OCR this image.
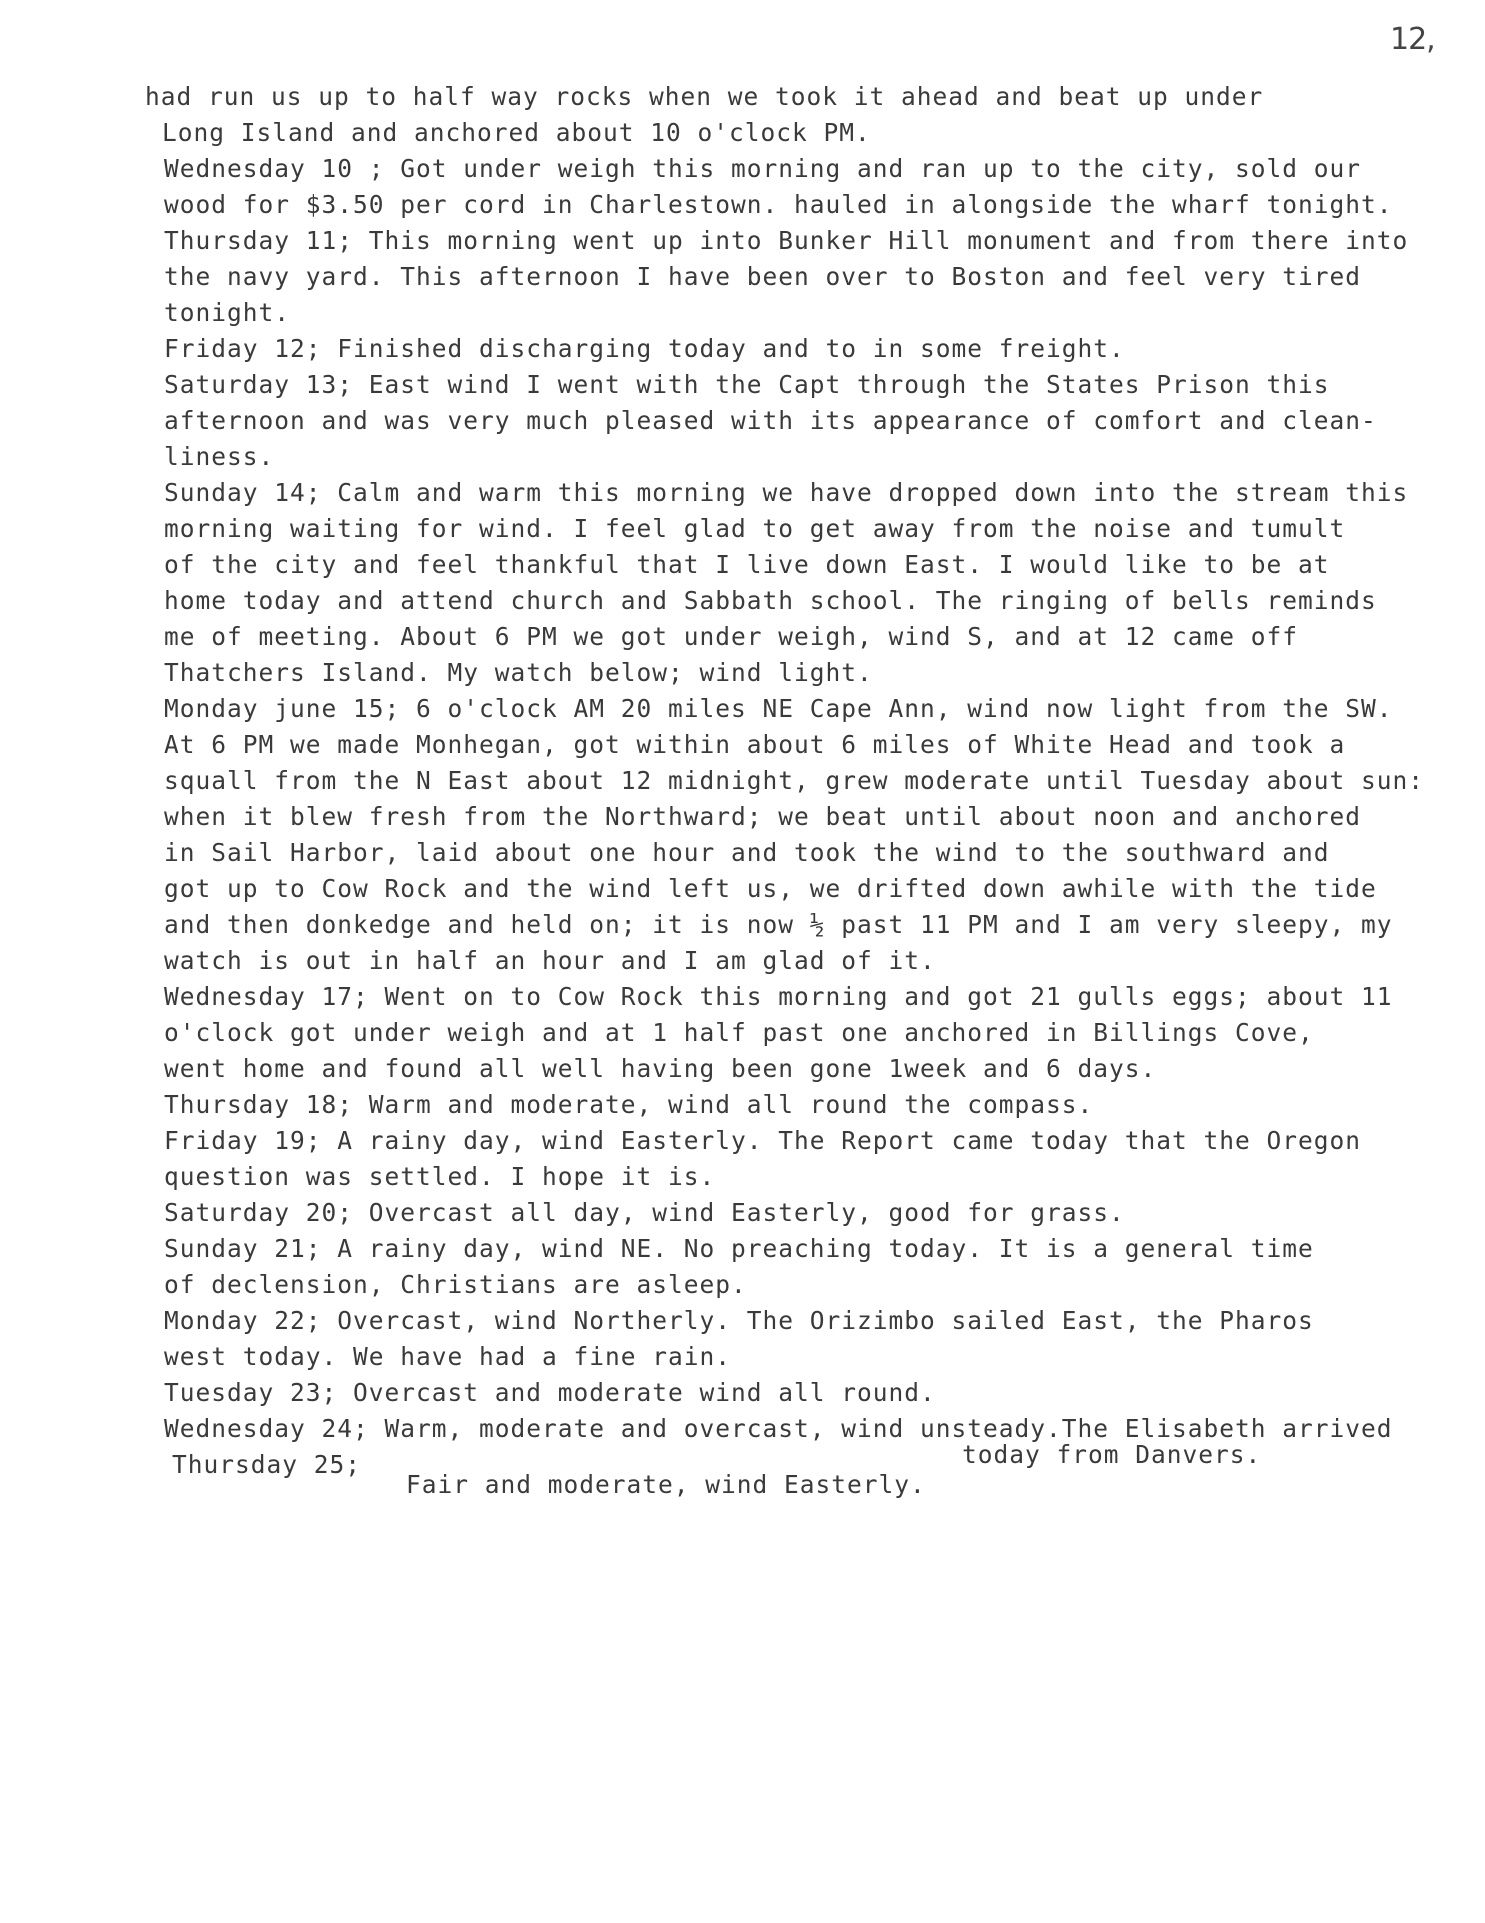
12,
had run us up to half way rocks when we took it ahead and beat up under
Long Island and anchored about 10 o'clock PM.
Wednesday 10 ; Got under weigh this morning and ran up to the city, sold our
wood for $3.50 per cord in Charlestown. hauled in alongside the wharf tonight.
Thursday 11; This morning went up into Bunker Hill monument and from there into
the navy yard. This afternoon I have been over to Boston and feel very tired
tonight.
Friday 12; Finished discharging today and to in some freight.
Saturday 13; East wind I went with the Capt through the States Prison this
afternoon and was very much pleased with its appearance of comfort and clean-
liness.
Sunday 14; Calm and warm this morning we have dropped down into the stream this
morning waiting for wind. I feel glad to get away from the noise and tumult
of the city and feel thankful that I live down East. I would like to be at
home today and attend church and Sabbath school. The ringing of bells reminds
me of meeting. About 6 PM we got under weigh, wind S, and at 12 came off
Thatchers Island. My watch below; wind light.
Monday june 15; 6 o'clock AM 20 miles NE Cape Ann, wind now light from the SW.
At 6 PM we made Monhegan, got within about 6 miles of White Head and took a
squall from the N East about 12 midnight, grew moderate until Tuesday about sun:
when it blew fresh from the Northward; we beat until about noon and anchored
in Sail Harbor, laid about one hour and took the wind to the southward and
got up to Cow Rock and the wind left us, we drifted down awhile with the tide
and then donkedge and held on; it is now ½ past 11 PM and I am very sleepy, my
watch is out in half an hour and I am glad of it.
Wednesday 17; Went on to Cow Rock this morning and got 21 gulls eggs; about 11
o'clock got under weigh and at 1 half past one anchored in Billings Cove,
went home and found all well having been gone 1week and 6 days.
Thursday 18; Warm and moderate, wind all round the compass.
Friday 19; A rainy day, wind Easterly. The Report came today that the Oregon
question was settled. I hope it is.
Saturday 20; Overcast all day, wind Easterly, good for grass.
Sunday 21; A rainy day, wind NE. No preaching today. It is a general time
of declension, Christians are asleep.
Monday 22; Overcast, wind Northerly. The Orizimbo sailed East, the Pharos
west today. We have had a fine rain.
Tuesday 23; Overcast and moderate wind all round.
Wednesday 24; Warm, moderate and overcast, wind unsteady.The Elisabeth arrived
today from Danvers.
Thursday 25;
Fair and moderate, wind Easterly.
